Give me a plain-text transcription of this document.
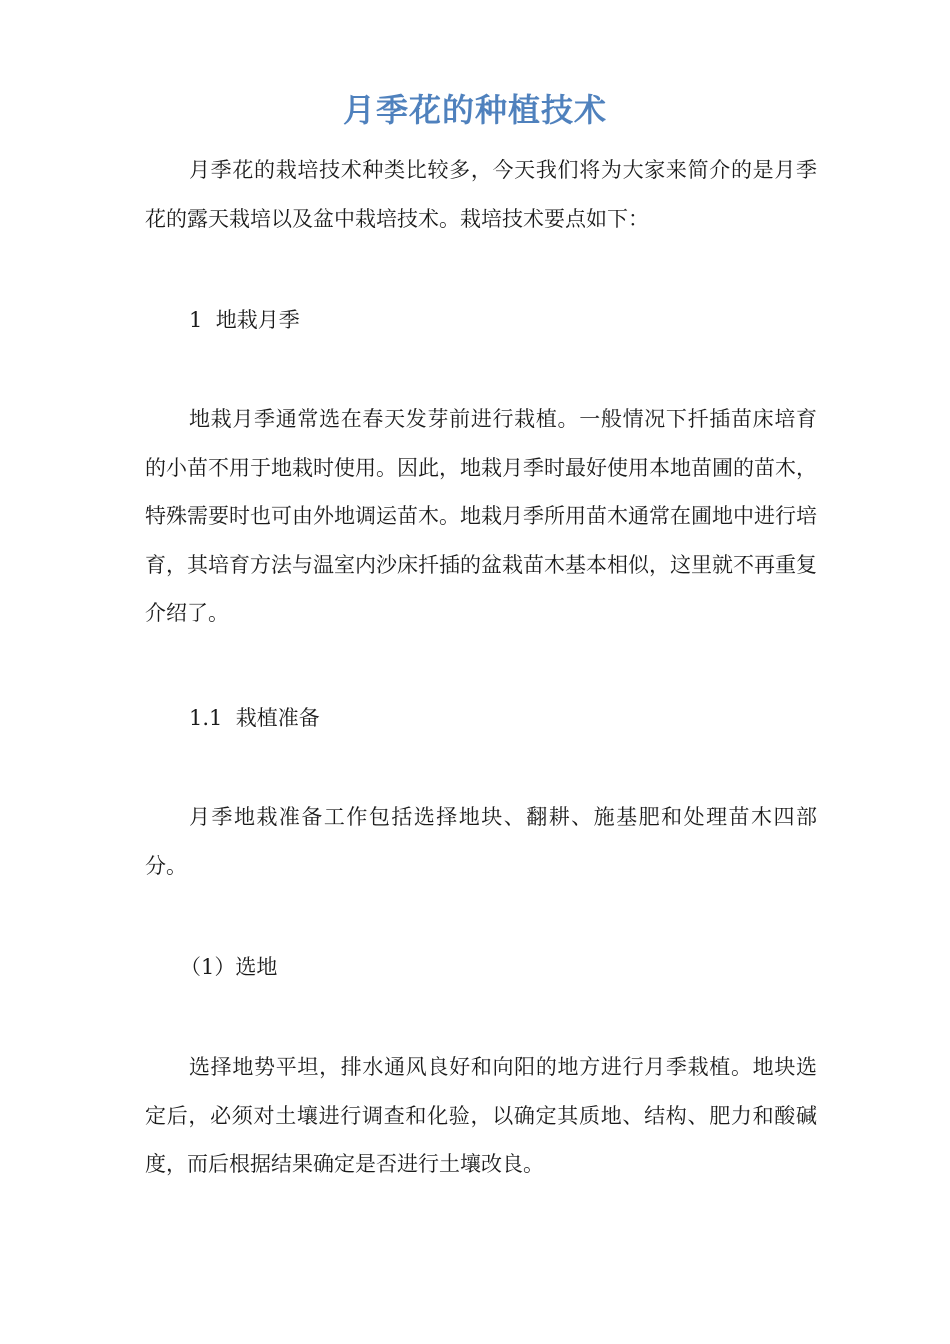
月季花的种植技术

月季花的栽培技术种类比较多，今天我们将为大家来简介的是月季花的露天栽培以及盆中栽培技术。栽培技术要点如下：

1  地栽月季

地栽月季通常选在春天发芽前进行栽植。一般情况下扦插苗床培育的小苗不用于地栽时使用。因此，地栽月季时最好使用本地苗圃的苗木，特殊需要时也可由外地调运苗木。地栽月季所用苗木通常在圃地中进行培育，其培育方法与温室内沙床扦插的盆栽苗木基本相似，这里就不再重复介绍了。

1.1  栽植准备

月季地栽准备工作包括选择地块、翻耕、施基肥和处理苗木四部分。

（1）选地

选择地势平坦，排水通风良好和向阳的地方进行月季栽植。地块选定后，必须对土壤进行调查和化验，以确定其质地、结构、肥力和酸碱度，而后根据结果确定是否进行土壤改良。
